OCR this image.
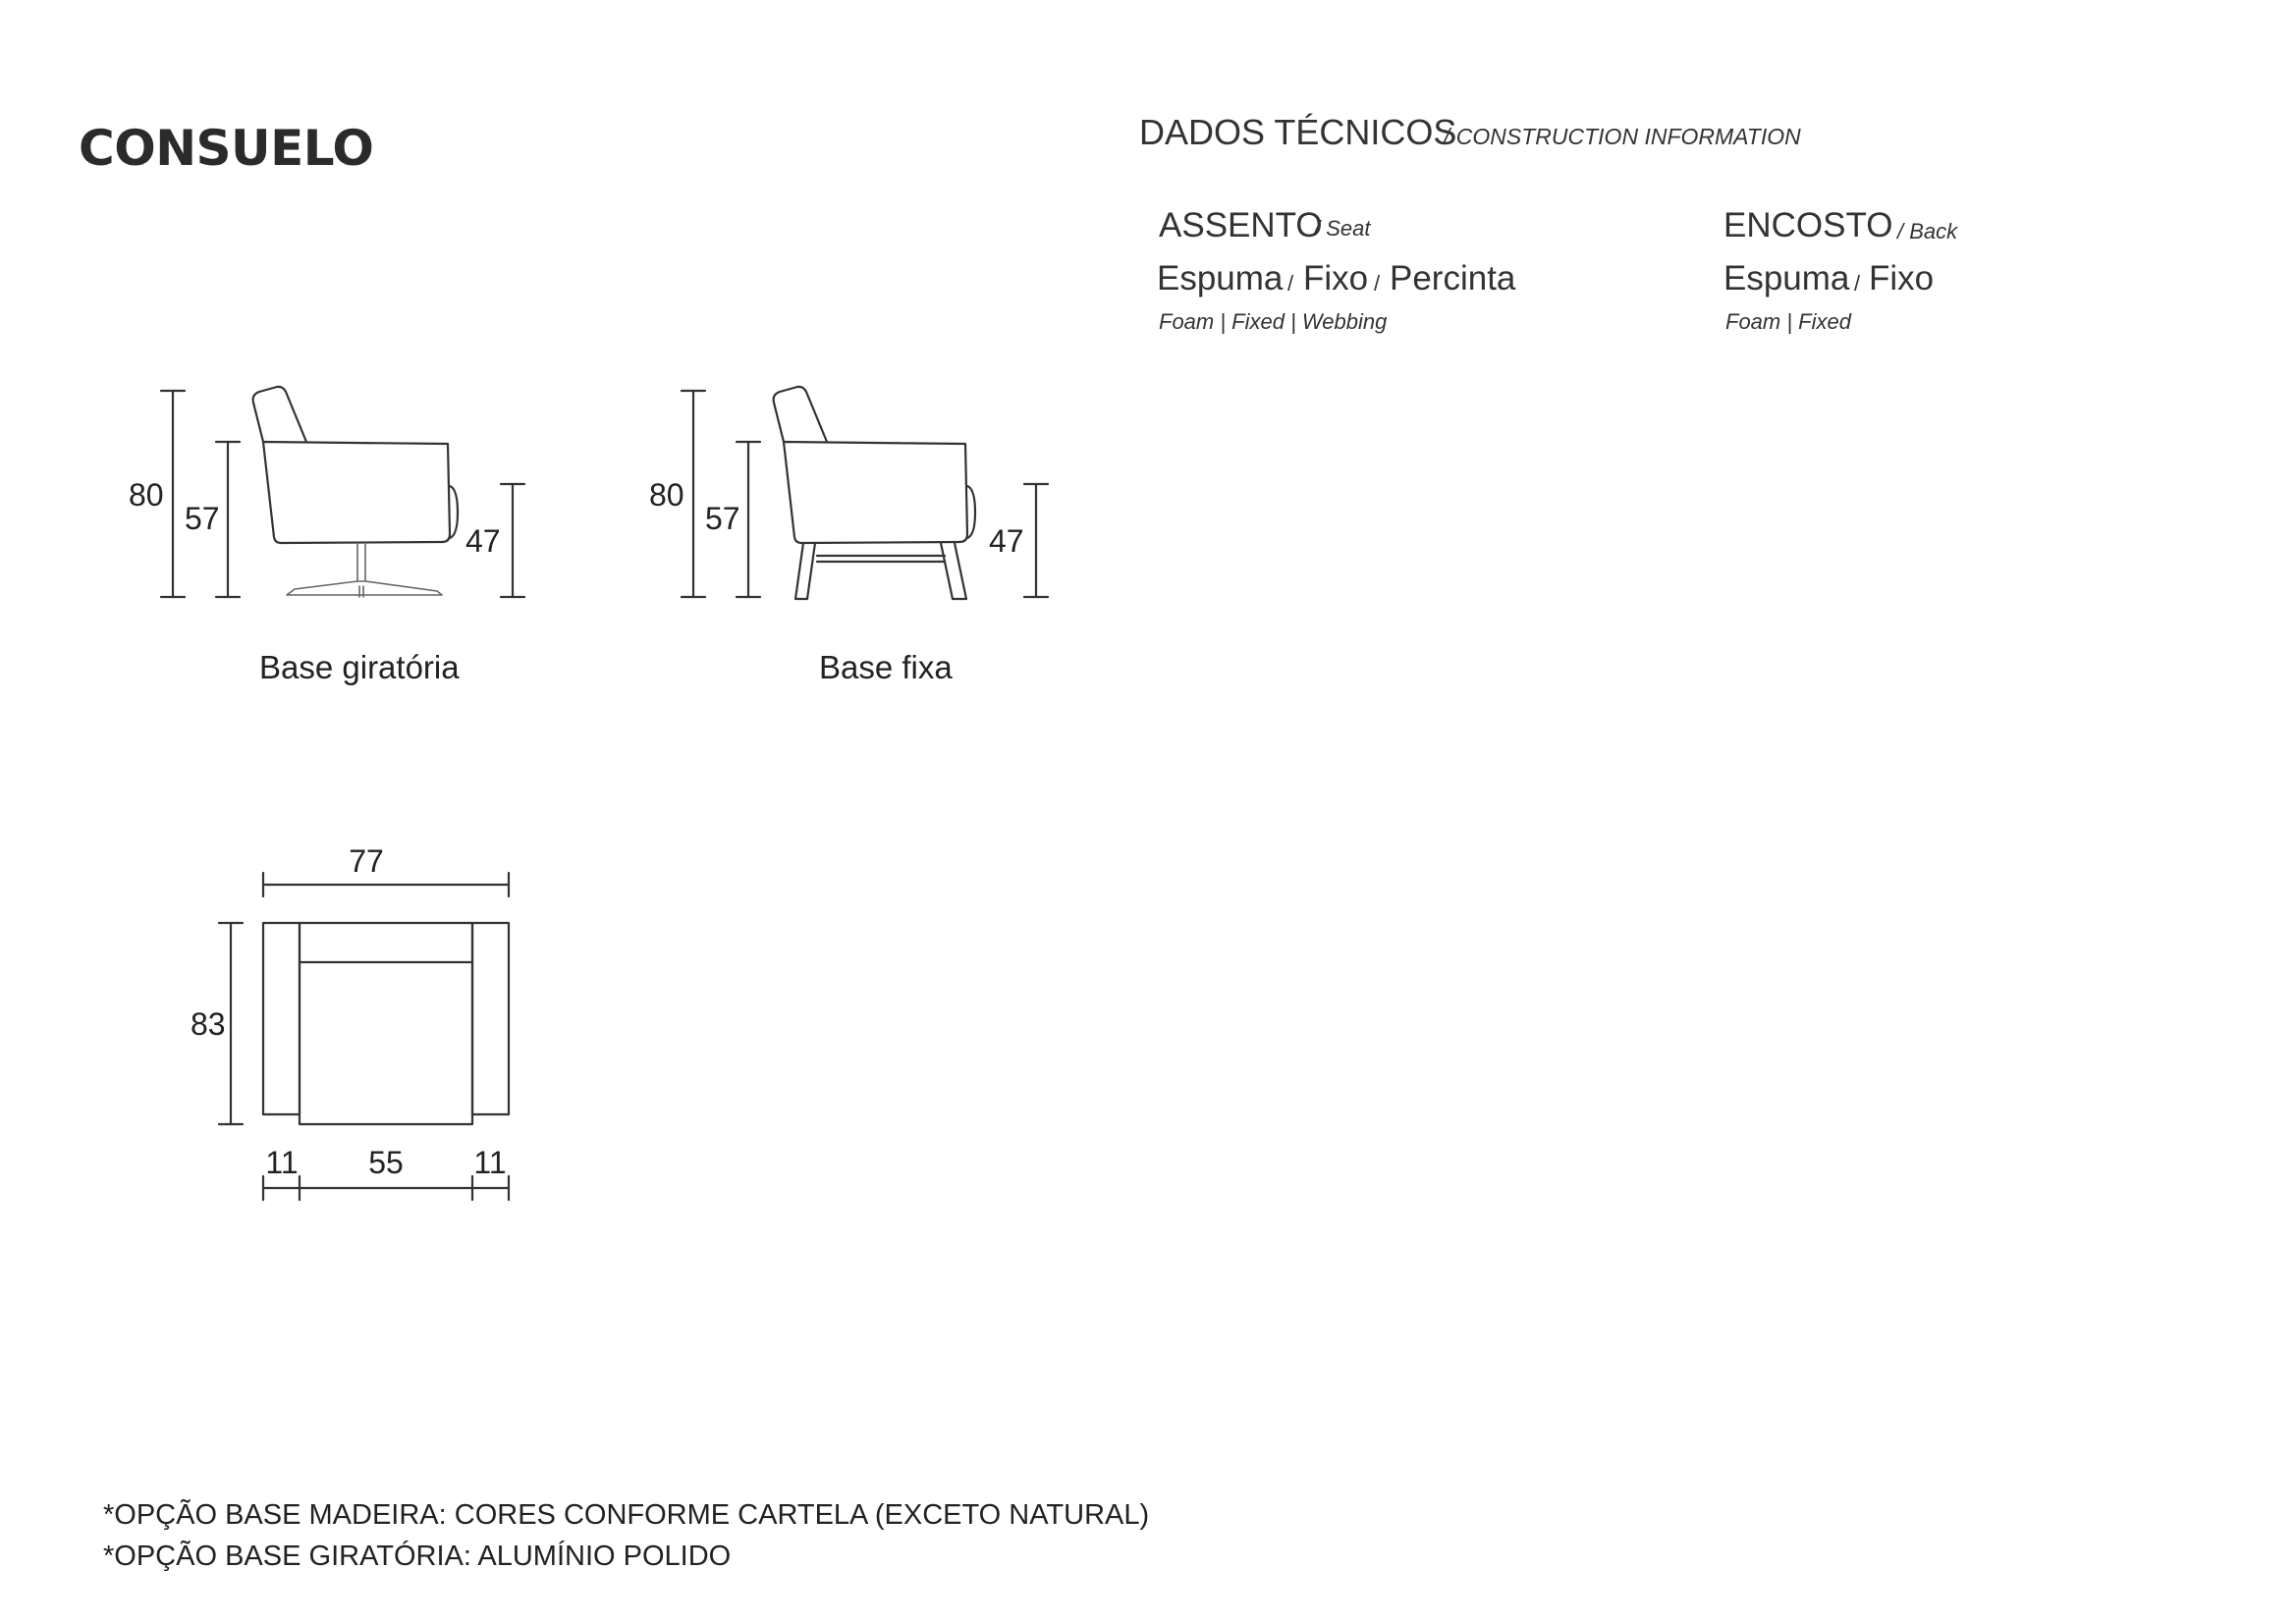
CONSUELO	DADOS TÉCNICOS
/ CONSTRUCTION INFORMATION
ASSENTO
/ Seat
Espuma / Fixo / Percinta
Foam | Fixed | Webbing
ENCOSTO / Back
Espuma / Fixo
Foam | Fixed
80
57
47
80
57
47
77
83
11 55 11
Base giratória	Base fixa
*OPÇÃO BASE MADEIRA: CORES CONFORME CARTELA (EXCETO NATURAL)
*OPÇÃO BASE GIRATÓRIA: ALUMÍNIO POLIDO
